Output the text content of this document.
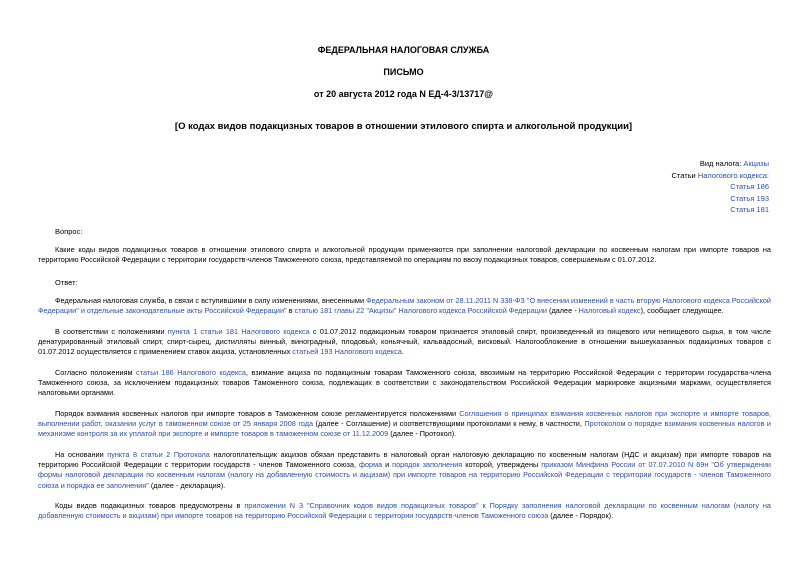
ФЕДЕРАЛЬНАЯ НАЛОГОВАЯ СЛУЖБА
ПИСЬМО
от 20 августа 2012 года N ЕД-4-3/13717@
[О кодах видов подакцизных товаров в отношении этилового спирта и алкогольной продукции]
Вид налога: Акцизы
Статьи Налогового кодекса:
Статья 186
Статья 193
Статья 181
Вопрос:
Какие коды видов подакцизных товаров в отношении этилового спирта и алкогольной продукции применяются при заполнении налоговой декларации по косвенным налогам при импорте товаров на территорию Российской Федерации с территории государств-членов Таможенного союза, представляемой по операциям по ввозу подакцизных товаров, совершаемым с 01.07.2012.
Ответ:
Федеральная налоговая служба, в связи с вступившими в силу изменениями, внесенными Федеральным законом от 28.11.2011 N 338-ФЗ "О внесении изменений в часть вторую Налогового кодекса Российской Федерации" и отдельные законодательные акты Российской Федерации" в статью 181 главы 22 "Акцизы" Налогового кодекса Российской Федерации (далее - Налоговый кодекс), сообщает следующее.
В соответствии с положениями пункта 1 статьи 181 Налогового кодекса с 01.07.2012 подакцизным товаром признается этиловый спирт, произведенный из пищевого или непищевого сырья, в том числе денатурированный этиловый спирт, спирт-сырец, дистилляты винный, виноградный, плодовый, коньячный, кальвадосный, висковый. Налогообложение в отношении вышеуказанных подакцизных товаров с 01.07.2012 осуществляется с применением ставок акциза, установленных статьей 193 Налогового кодекса.
Согласно положениям статьи 186 Налогового кодекса, взимание акциза по подакцизным товарам Таможенного союза, ввозимым на территорию Российской Федерации с территории государства-члена Таможенного союза, за исключением подакцизных товаров Таможенного союза, подлежащих в соответствии с законодательством Российской Федерации маркировке акцизными марками, осуществляется налоговыми органами.
Порядок взимания косвенных налогов при импорте товаров в Таможенном союзе регламентируется положениями Соглашения о принципах взимания косвенных налогов при экспорте и импорте товаров, выполнении работ, оказании услуг в таможенном союзе от 25 января 2008 года (далее - Соглашение) и соответствующими протоколами к нему, в частности, Протоколом о порядке взимания косвенных налогов и механизме контроля за их уплатой при экспорте и импорте товаров в таможенном союзе от 11.12.2009 (далее - Протокол).
На основании пункта 8 статьи 2 Протокола налогоплательщик акцизов обязан представить в налоговый орган налоговую декларацию по косвенным налогам (НДС и акцизам) при импорте товаров на территорию Российской Федерации с территории государств - членов Таможенного союза, форма и порядок заполнения которой, утверждены приказом Минфина России от 07.07.2010 N 69н "Об утверждении формы налоговой декларации по косвенным налогам (налогу на добавленную стоимость и акцизам) при импорте товаров на территорию Российской Федерации с территории государств - членов Таможенного союза и порядка ее заполнения" (далее - декларация).
Коды видов подакцизных товаров предусмотрены в приложении N 3 "Справочник кодов видов подакцизных товаров" к Порядку заполнения налоговой декларации по косвенным налогам (налогу на добавленную стоимость и акцизам) при импорте товаров на территорию Российской Федерации с территории государств-членов Таможенного союза (далее - Порядок).
